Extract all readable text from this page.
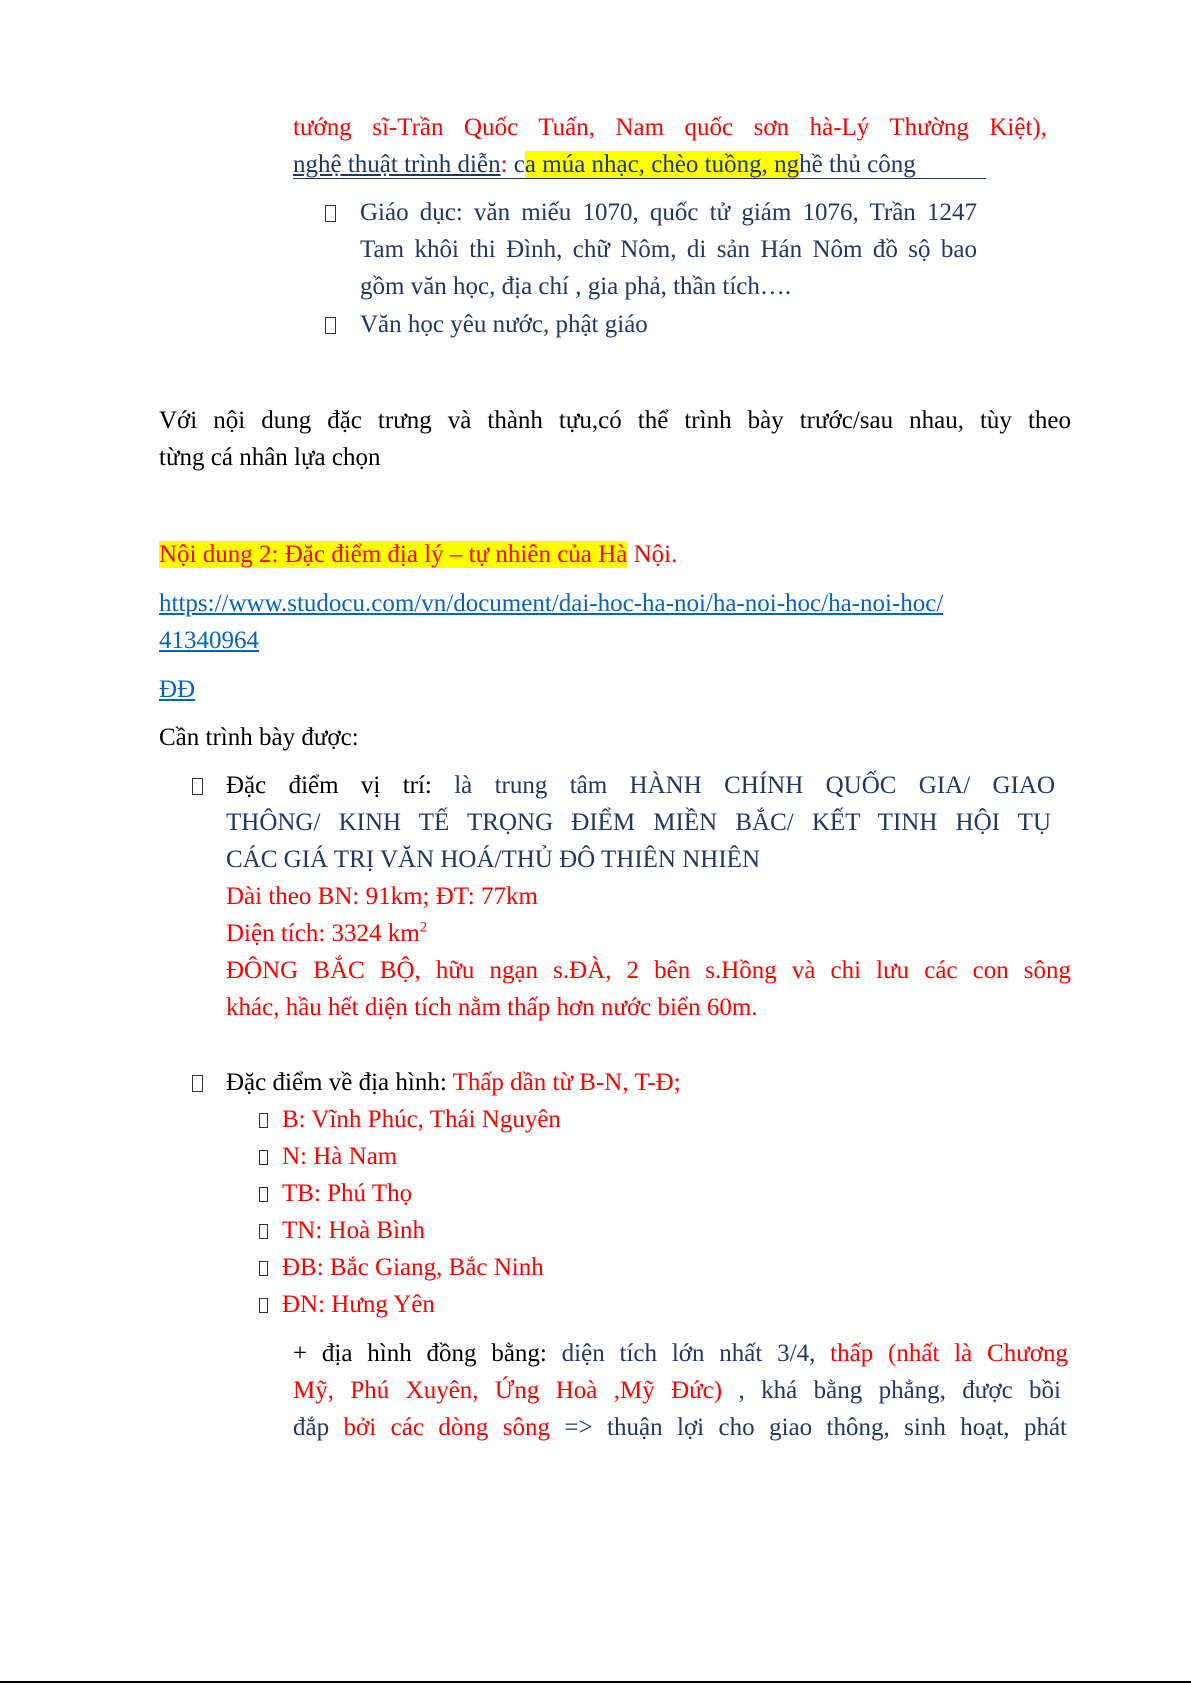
tướng sĩ-Trần Quốc Tuấn, Nam quốc sơn hà-Lý Thường Kiệt),
nghệ thuật trình diễn: ca múa nhạc, chèo tuồng, nghề thủ công
Giáo dục: văn miếu 1070, quốc tử giám 1076, Trần 1247
Tam khôi thi Đình, chữ Nôm, di sản Hán Nôm đồ sộ bao
gồm văn học, địa chí , gia phả, thần tích….
Văn học yêu nước, phật giáo
Với nội dung đặc trưng và thành tựu,có thể trình bày trước/sau nhau, tùy theo
từng cá nhân lựa chọn
Nội dung 2: Đặc điểm địa lý – tự nhiên của Hà Nội.
https://www.studocu.com/vn/document/dai-hoc-ha-noi/ha-noi-hoc/ha-noi-hoc/
41340964
ĐĐ
Cần trình bày được:
Đặc điểm vị trí: là trung tâm HÀNH CHÍNH QUỐC GIA/ GIAO
THÔNG/ KINH TẾ TRỌNG ĐIỂM MIỀN BẮC/ KẾT TINH HỘI TỤ
CÁC GIÁ TRỊ VĂN HOÁ/THỦ ĐÔ THIÊN NHIÊN
Dài theo BN: 91km; ĐT: 77km
Diện tích: 3324 $km^2$
ĐÔNG BẮC BỘ, hữu ngạn s.ĐÀ, 2 bên s.Hồng và chi lưu các con sông
khác, hầu hết diện tích nằm thấp hơn nước biển 60m.
Đặc điểm về địa hình: Thấp dần từ B-N, T-Đ;
B: Vĩnh Phúc, Thái Nguyên
N: Hà Nam
TB: Phú Thọ
TN: Hoà Bình
ĐB: Bắc Giang, Bắc Ninh
ĐN: Hưng Yên
+ địa hình đồng bằng: diện tích lớn nhất 3/4, thấp (nhất là Chương
Mỹ, Phú Xuyên, Ứng Hoà ,Mỹ Đức) , khá bằng phẳng, được bồi
đắp bởi các dòng sông => thuận lợi cho giao thông, sinh hoạt, phát
